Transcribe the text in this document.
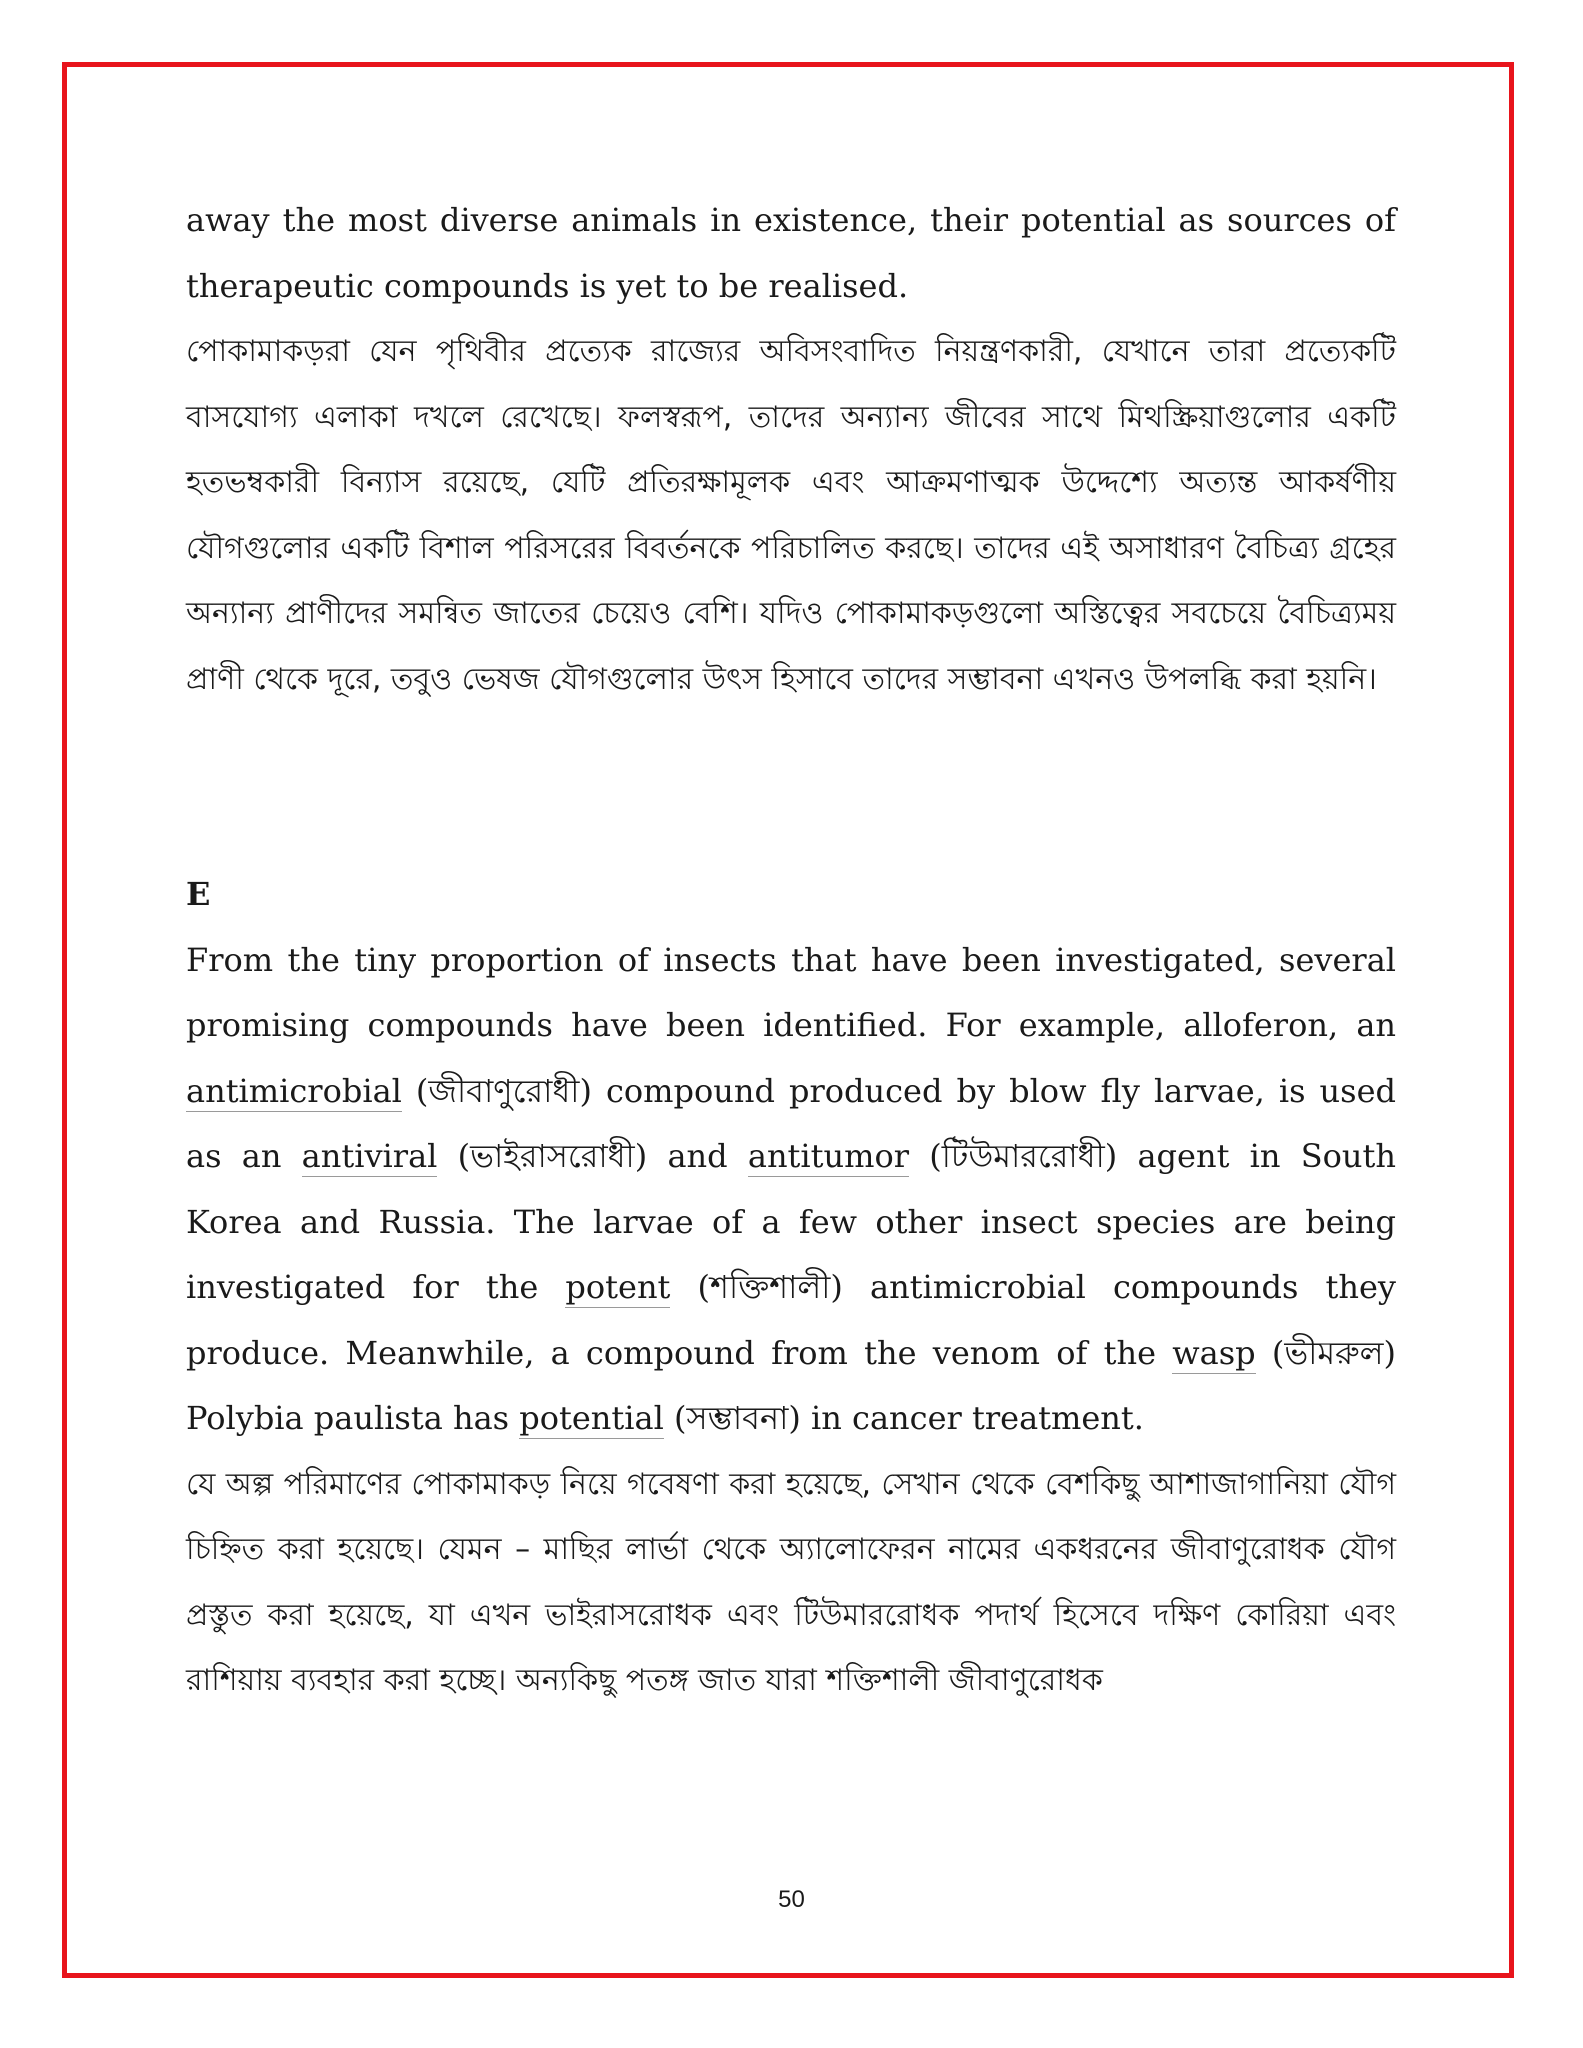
away the most diverse animals in existence, their potential as sources of therapeutic compounds is yet to be realised.

পোকামাকড়রা যেন পৃথিবীর প্রত্যেক রাজ্যের অবিসংবাদিত নিয়ন্ত্রণকারী, যেখানে তারা প্রত্যেকটি বাসযোগ্য এলাকা দখলে রেখেছে। ফলস্বরূপ, তাদের অন্যান্য জীবের সাথে মিথস্ক্রিয়াগুলোর একটি হতভম্বকারী বিন্যাস রয়েছে, যেটি প্রতিরক্ষামূলক এবং আক্রমণাত্মক উদ্দেশ্যে অত্যন্ত আকর্ষণীয় যৌগগুলোর একটি বিশাল পরিসরের বিবর্তনকে পরিচালিত করছে। তাদের এই অসাধারণ বৈচিত্র্য গ্রহের অন্যান্য প্রাণীদের সমন্বিত জাতের চেয়েও বেশি। যদিও পোকামাকড়গুলো অস্তিত্বের সবচেয়ে বৈচিত্র্যময় প্রাণী থেকে দূরে, তবুও ভেষজ যৌগগুলোর উৎস হিসাবে তাদের সম্ভাবনা এখনও উপলব্ধি করা হয়নি।

E

From the tiny proportion of insects that have been investigated, several promising compounds have been identified. For example, alloferon, an antimicrobial (জীবাণুরোধী) compound produced by blow fly larvae, is used as an antiviral (ভাইরাসরোধী) and antitumor (টিউমাররোধী) agent in South Korea and Russia. The larvae of a few other insect species are being investigated for the potent (শক্তিশালী) antimicrobial compounds they produce. Meanwhile, a compound from the venom of the wasp (ভীমরুল) Polybia paulista has potential (সম্ভাবনা) in cancer treatment.

যে অল্প পরিমাণের পোকামাকড় নিয়ে গবেষণা করা হয়েছে, সেখান থেকে বেশকিছু আশাজাগানিয়া যৌগ চিহ্নিত করা হয়েছে। যেমন – মাছির লার্ভা থেকে অ্যালোফেরন নামের একধরনের জীবাণুরোধক যৌগ প্রস্তুত করা হয়েছে, যা এখন ভাইরাসরোধক এবং টিউমাররোধক পদার্থ হিসেবে দক্ষিণ কোরিয়া এবং রাশিয়ায় ব্যবহার করা হচ্ছে। অন্যকিছু পতঙ্গ জাত যারা শক্তিশালী জীবাণুরোধক

50
